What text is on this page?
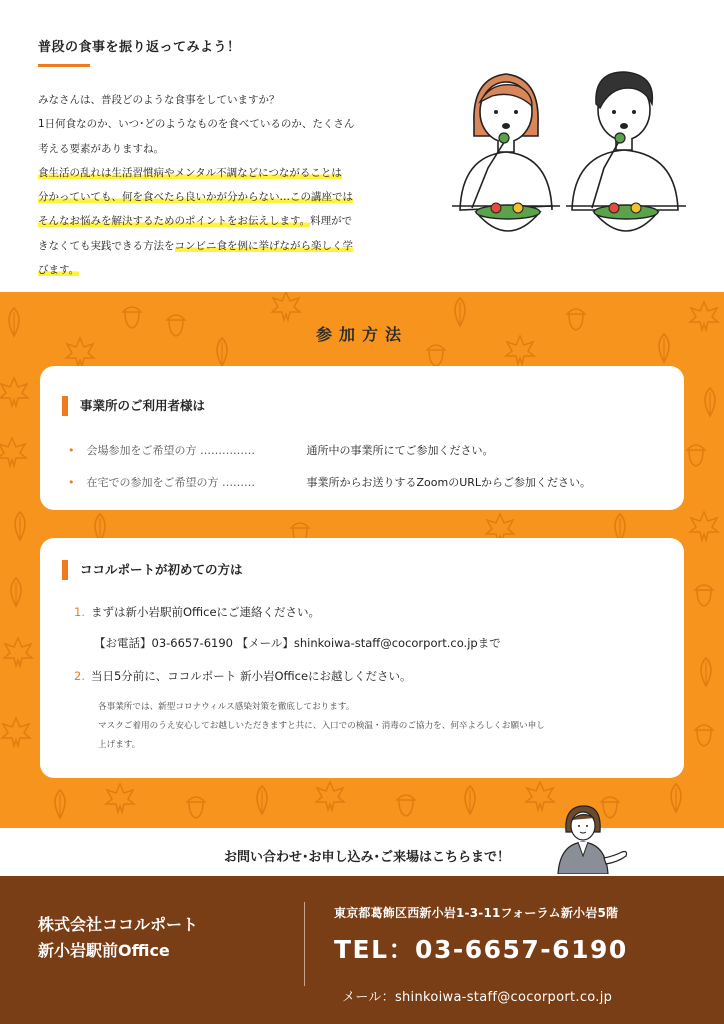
普段の食事を振り返ってみよう！

みなさんは、普段どのような食事をしていますか？

1日何食なのか、いつ･どのようなものを食べているのか、たくさん

考える要素がありますね。

食生活の乱れは生活習慣病やメンタル不調などにつながることは

分かっていても、何を食べたら良いかが分からない…この講座では

そんなお悩みを解決するためのポイントをお伝えします。料理がで

きなくても実践できる方法をコンビニ食を例に挙げながら楽しく学

びます。

参加方法
事業所のご利用者様は
• 会場参加をご希望の方 ……………	通所中の事業所にてご参加ください。
• 在宅での参加をご希望の方 ………	事業所からお送りするZoomのURLからご参加ください。
ココルポートが初めての方は
1. まずは新小岩駅前Officeにご連絡ください。
【お電話】03-6657-6190 【メール】shinkoiwa-staff@cocorport.co.jpまで
2. 当日5分前に、ココルポート 新小岩Officeにお越しください。
各事業所では、新型コロナウィルス感染対策を徹底しております。
マスクご着用のうえ安心してお越しいただきますと共に、入口での検温・消毒のご協力を、何卒よろしくお願い申し
上げます。
お問い合わせ･お申し込み･ご来場はこちらまで！
株式会社ココルポート
新小岩駅前Office
東京都葛飾区西新小岩1-3-11フォーラム新小岩5階
TEL：03-6657-6190
メール：shinkoiwa-staff@cocorport.co.jp
